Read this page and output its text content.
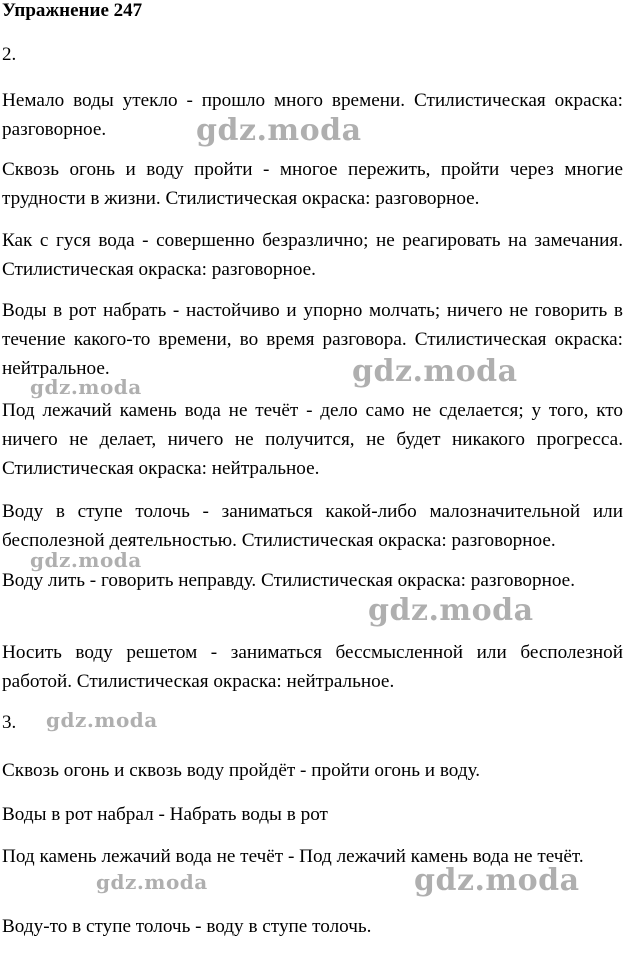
Упражнение 247
2.
Немало воды утекло - прошло много времени. Стилистическая окраска: разговорное.
Сквозь огонь и воду пройти - многое пережить, пройти через многие трудности в жизни. Стилистическая окраска: разговорное.
Как с гуся вода - совершенно безразлично; не реагировать на замечания. Стилистическая окраска: разговорное.
Воды в рот набрать - настойчиво и упорно молчать; ничего не говорить в течение какого-то времени, во время разговора. Стилистическая окраска: нейтральное.
Под лежачий камень вода не течёт - дело само не сделается; у того, кто ничего не делает, ничего не получится, не будет никакого прогресса. Стилистическая окраска: нейтральное.
Воду в ступе толочь - заниматься какой-либо малозначительной или бесполезной деятельностью. Стилистическая окраска: разговорное.
Воду лить - говорить неправду. Стилистическая окраска: разговорное.
Носить воду решетом - заниматься бессмысленной или бесполезной работой. Стилистическая окраска: нейтральное.
3.
Сквозь огонь и сквозь воду пройдёт - пройти огонь и воду.
Воды в рот набрал - Набрать воды в рот
Под камень лежачий вода не течёт - Под лежачий камень вода не течёт.
Воду-то в ступе толочь - воду в ступе толочь.
gdz.moda
gdz.moda
gdz.moda
gdz.moda
gdz.moda
gdz.moda
gdz.moda	gdz.moda
